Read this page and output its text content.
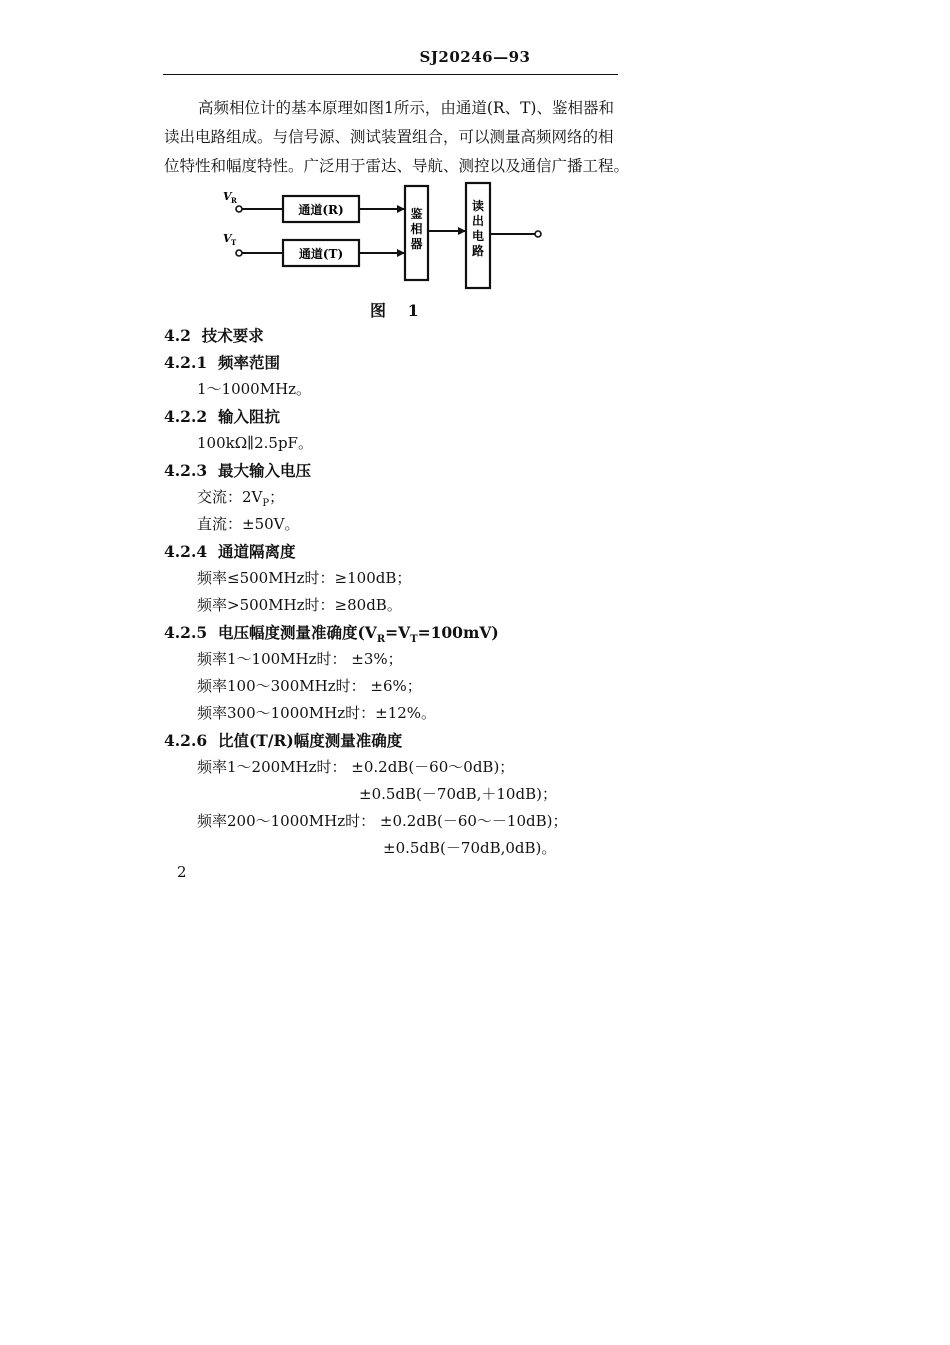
SJ20246—93
高频相位计的基本原理如图1所示，由通道(R、T)、鉴相器和
读出电路组成。与信号源、测试装置组合，可以测量高频网络的相
位特性和幅度特性。广泛用于雷达、导航、测控以及通信广播工程。
V R
V T
通道(R)
通道(T)
鉴
相
器
读
出
电
路
图 1
4.2 技术要求
4.2.1 频率范围
1～1000MHz。
4.2.2 输入阻抗
100kΩ∥2.5pF。
4.2.3 最大输入电压
交流：$2V_P$；
直流：±50V。
4.2.4 通道隔离度
频率≤500MHz时：≥100dB；
频率>500MHz时：≥80dB。
4.2.5 电压幅度测量准确度$(V_R=V_T=100mV)$
频率1～100MHz时： ±3%；
频率100～300MHz时： ±6%；
频率300～1000MHz时：±12%。
4.2.6 比值(T/R)幅度测量准确度
频率1～200MHz时： ±0.2dB(－60～0dB)；
±0.5dB(－70dB,＋10dB)；
频率200～1000MHz时： ±0.2dB(－60～－10dB)；
±0.5dB(－70dB,0dB)。
2
